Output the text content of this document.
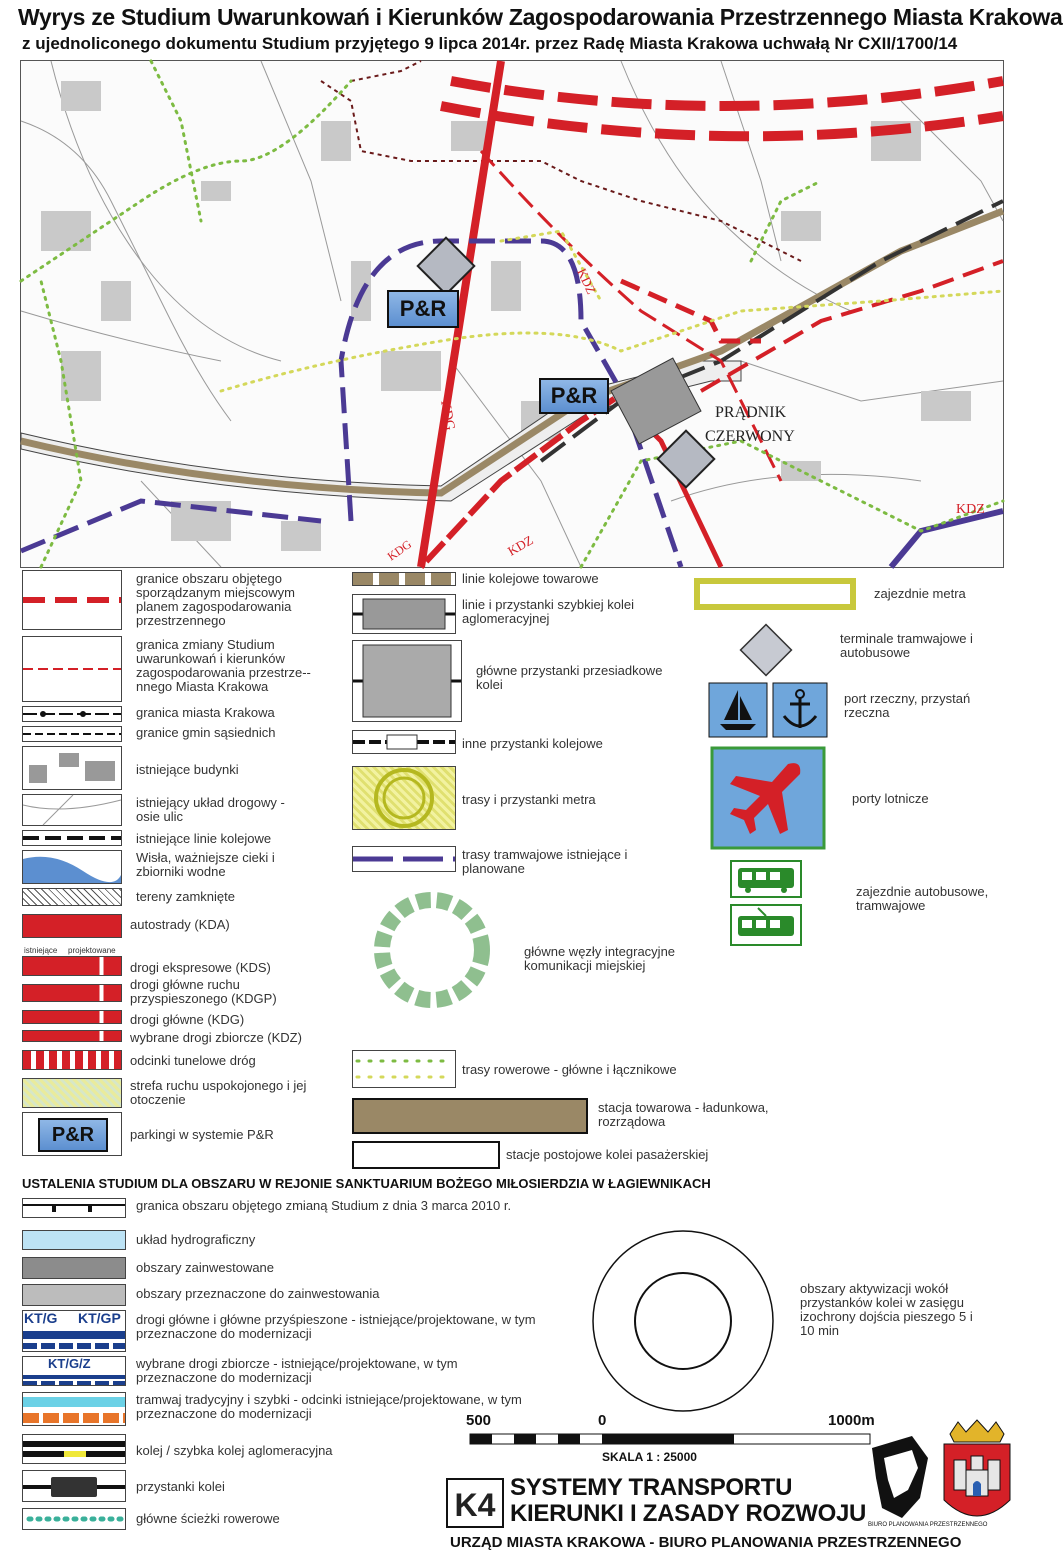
Wyrys ze Studium Uwarunkowań i Kierunków Zagospodarowania Przestrzennego Miasta Krakowa
z ujednoliconego dokumentu Studium przyjętego 9 lipca 2014r. przez Radę Miasta Krakowa uchwałą Nr CXII/1700/14
KDG
KDZ
KDZ
KDZ
KDG
PRĄDNIK
CZERWONY
P&R
P&R
granice obszaru objętego sporządzanym miejscowym planem zagospodarowania przestrzennego
granica zmiany Studium uwarunkowań i kierunków zagospodarowania przestrze--nnego Miasta Krakowa
granica miasta Krakowa
granice gmin sąsiednich
istniejące budynki
istniejący układ drogowy - osie ulic
istniejące linie kolejowe
Wisła, ważniejsze cieki i zbiorniki wodne
tereny zamknięte
autostrady (KDA)
istniejące projektowane
drogi ekspresowe (KDS)
drogi główne ruchu przyspieszonego (KDGP)
drogi główne (KDG)
wybrane drogi zbiorcze (KDZ)
odcinki tunelowe dróg
strefa ruchu uspokojonego i jej otoczenie
P&R	parkingi w systemie P&R
linie kolejowe towarowe
linie i przystanki szybkiej kolei aglomeracyjnej
główne przystanki przesiadkowe kolei
inne przystanki kolejowe
trasy i przystanki metra
trasy tramwajowe istniejące i planowane
główne węzły integracyjne komunikacji miejskiej
trasy rowerowe - główne i łącznikowe
stacja towarowa - ładunkowa, rozrządowa
stacje postojowe kolei pasażerskiej
zajezdnie metra
terminale tramwajowe i autobusowe
port rzeczny, przystań rzeczna
porty lotnicze
zajezdnie autobusowe, tramwajowe
USTALENIA STUDIUM DLA OBSZARU W REJONIE SANKTUARIUM BOŻEGO MIŁOSIERDZIA W ŁAGIEWNIKACH
granica obszaru objętego zmianą Studium z dnia 3 marca 2010 r.
układ hydrograficzny
obszary zainwestowane
obszary przeznaczone do zainwestowania
KT/G KT/GP drogi główne i główne przyśpieszone - istniejące/projektowane, w tym przeznaczone do modernizacji
KT/G/Z	wybrane drogi zbiorcze - istniejące/projektowane, w tym przeznaczone do modernizacji
tramwaj tradycyjny i szybki - odcinki istniejące/projektowane, w tym przeznaczone do modernizacji
kolej / szybka kolej aglomeracyjna
przystanki kolei
główne ścieżki rowerowe
obszary aktywizacji wokół przystanków kolei w zasięgu izochrony dojścia pieszego 5 i 10 min
500	0	1000m
SKALA 1 : 25000
K4 SYSTEMY TRANSPORTU
KIERUNKI I ZASADY ROZWOJU
URZĄD MIASTA KRAKOWA - BIURO PLANOWANIA PRZESTRZENNEGO
BIURO PLANOWANIA PRZESTRZENNEGO
